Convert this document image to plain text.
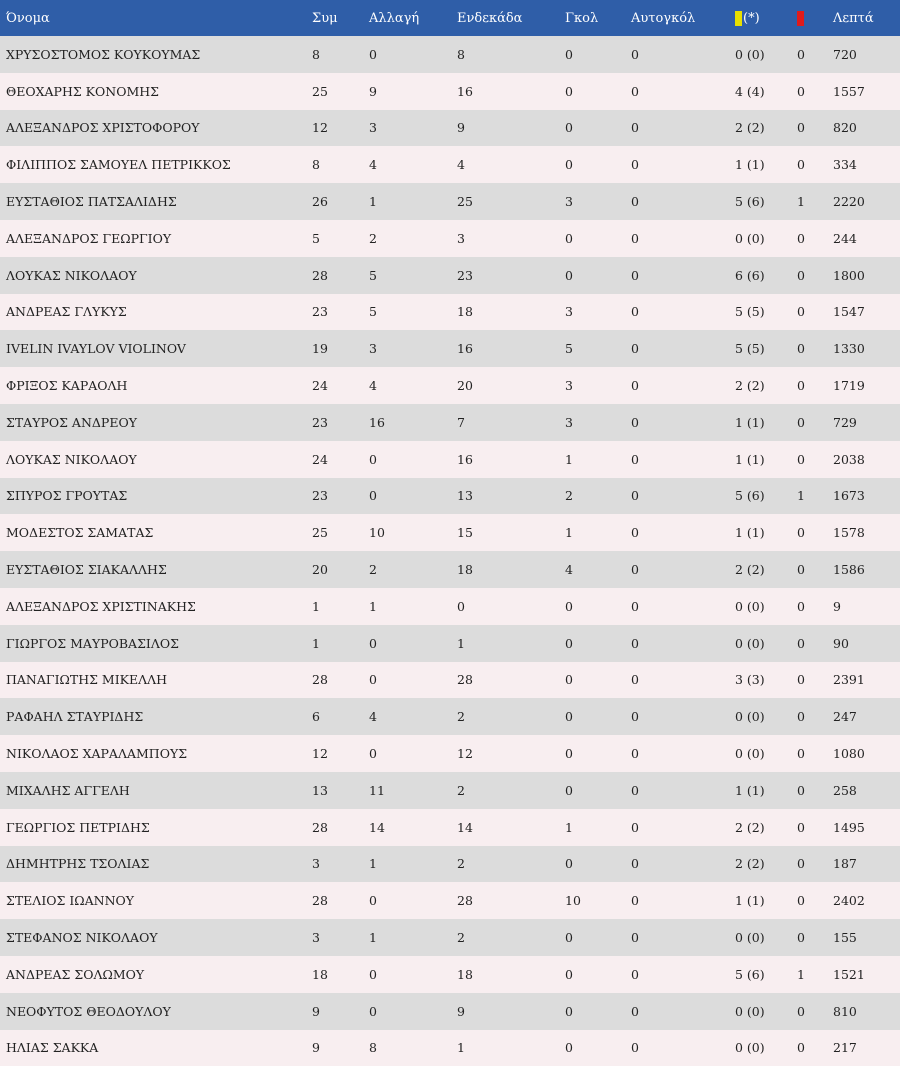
Όνομα	Συμ	Αλλαγή	Ενδεκάδα	Γκολ	Αυτογκόλ	(*)		Λεπτά
ΧΡΥΣΟΣΤΟΜΟΣ ΚΟΥΚΟΥΜΑΣ	8	0	8	0	0	0 (0)	0	720
ΘΕΟΧΑΡΗΣ ΚΟΝΟΜΗΣ	25	9	16	0	0	4 (4)	0	1557
ΑΛΕΞΑΝΔΡΟΣ ΧΡΙΣΤΟΦΟΡΟΥ	12	3	9	0	0	2 (2)	0	820
ΦΙΛΙΠΠΟΣ ΣΑΜΟΥΕΛ ΠΕΤΡΙΚΚΟΣ	8	4	4	0	0	1 (1)	0	334
ΕΥΣΤΑΘΙΟΣ ΠΑΤΣΑΛΙΔΗΣ	26	1	25	3	0	5 (6)	1	2220
ΑΛΕΞΑΝΔΡΟΣ ΓΕΩΡΓΙΟΥ	5	2	3	0	0	0 (0)	0	244
ΛΟΥΚΑΣ ΝΙΚΟΛΑΟΥ	28	5	23	0	0	6 (6)	0	1800
ΑΝΔΡΕΑΣ ΓΛΥΚΥΣ	23	5	18	3	0	5 (5)	0	1547
IVELIN IVAYLOV VIOLINOV	19	3	16	5	0	5 (5)	0	1330
ΦΡΙΞΟΣ ΚΑΡΑΟΛΗ	24	4	20	3	0	2 (2)	0	1719
ΣΤΑΥΡΟΣ ΑΝΔΡΕΟΥ	23	16	7	3	0	1 (1)	0	729
ΛΟΥΚΑΣ ΝΙΚΟΛΑΟΥ	24	0	16	1	0	1 (1)	0	2038
ΣΠΥΡΟΣ ΓΡΟΥΤΑΣ	23	0	13	2	0	5 (6)	1	1673
ΜΟΔΕΣΤΟΣ ΣΑΜΑΤΑΣ	25	10	15	1	0	1 (1)	0	1578
ΕΥΣΤΑΘΙΟΣ ΣΙΑΚΑΛΛΗΣ	20	2	18	4	0	2 (2)	0	1586
ΑΛΕΞΑΝΔΡΟΣ ΧΡΙΣΤΙΝΑΚΗΣ	1	1	0	0	0	0 (0)	0	9
ΓΙΩΡΓΟΣ ΜΑΥΡΟΒΑΣΙΛΟΣ	1	0	1	0	0	0 (0)	0	90
ΠΑΝΑΓΙΩΤΗΣ ΜΙΚΕΛΛΗ	28	0	28	0	0	3 (3)	0	2391
ΡΑΦΑΗΛ ΣΤΑΥΡΙΔΗΣ	6	4	2	0	0	0 (0)	0	247
ΝΙΚΟΛΑΟΣ ΧΑΡΑΛΑΜΠΟΥΣ	12	0	12	0	0	0 (0)	0	1080
ΜΙΧΑΛΗΣ ΑΓΓΕΛΗ	13	11	2	0	0	1 (1)	0	258
ΓΕΩΡΓΙΟΣ ΠΕΤΡΙΔΗΣ	28	14	14	1	0	2 (2)	0	1495
ΔΗΜΗΤΡΗΣ ΤΣΟΛΙΑΣ	3	1	2	0	0	2 (2)	0	187
ΣΤΕΛΙΟΣ ΙΩΑΝΝΟΥ	28	0	28	10	0	1 (1)	0	2402
ΣΤΕΦΑΝΟΣ ΝΙΚΟΛΑΟΥ	3	1	2	0	0	0 (0)	0	155
ΑΝΔΡΕΑΣ ΣΟΛΩΜΟΥ	18	0	18	0	0	5 (6)	1	1521
ΝΕΟΦΥΤΟΣ ΘΕΟΔΟΥΛΟΥ	9	0	9	0	0	0 (0)	0	810
ΗΛΙΑΣ ΣΑΚΚΑ	9	8	1	0	0	0 (0)	0	217
